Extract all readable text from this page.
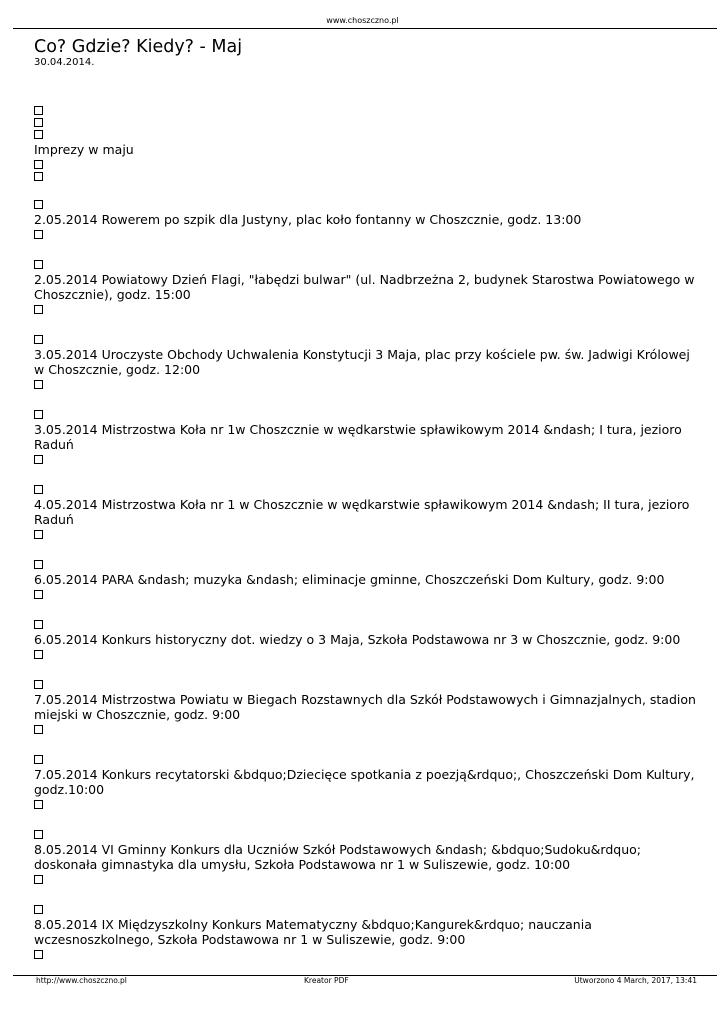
www.choszczno.pl
Co? Gdzie? Kiedy? - Maj
30.04.2014.
Imprezy w maju
2.05.2014 Rowerem po szpik dla Justyny, plac koło fontanny w Choszcznie, godz. 13:00
2.05.2014 Powiatowy Dzień Flagi, "łabędzi bulwar" (ul. Nadbrzeżna 2, budynek Starostwa Powiatowego w Choszcznie), godz. 15:00
3.05.2014 Uroczyste Obchody Uchwalenia Konstytucji 3 Maja, plac przy kościele pw. św. Jadwigi Królowej w Choszcznie, godz. 12:00
3.05.2014 Mistrzostwa Koła nr 1w Choszcznie w wędkarstwie spławikowym 2014 &ndash; I tura, jezioro Raduń
4.05.2014 Mistrzostwa Koła nr 1 w Choszcznie w wędkarstwie spławikowym 2014 &ndash; II tura, jezioro Raduń
6.05.2014 PARA &ndash; muzyka &ndash; eliminacje gminne, Choszczeński Dom Kultury, godz. 9:00
6.05.2014 Konkurs historyczny dot. wiedzy o 3 Maja, Szkoła Podstawowa nr 3 w Choszcznie, godz. 9:00
7.05.2014 Mistrzostwa Powiatu w Biegach Rozstawnych dla Szkół Podstawowych i Gimnazjalnych, stadion miejski w Choszcznie, godz. 9:00
7.05.2014 Konkurs recytatorski &bdquo;Dziecięce spotkania z poezją&rdquo;, Choszczeński Dom Kultury, godz.10:00
8.05.2014 VI Gminny Konkurs dla Uczniów Szkół Podstawowych &ndash; &bdquo;Sudoku&rdquo; doskonała gimnastyka dla umysłu, Szkoła Podstawowa nr 1 w Suliszewie, godz. 10:00
8.05.2014 IX Międzyszkolny Konkurs Matematyczny &bdquo;Kangurek&rdquo; nauczania wczesnoszkolnego, Szkoła Podstawowa nr 1 w Suliszewie, godz. 9:00
http://www.choszczno.pl	Kreator PDF	Utworzono 4 March, 2017, 13:41
